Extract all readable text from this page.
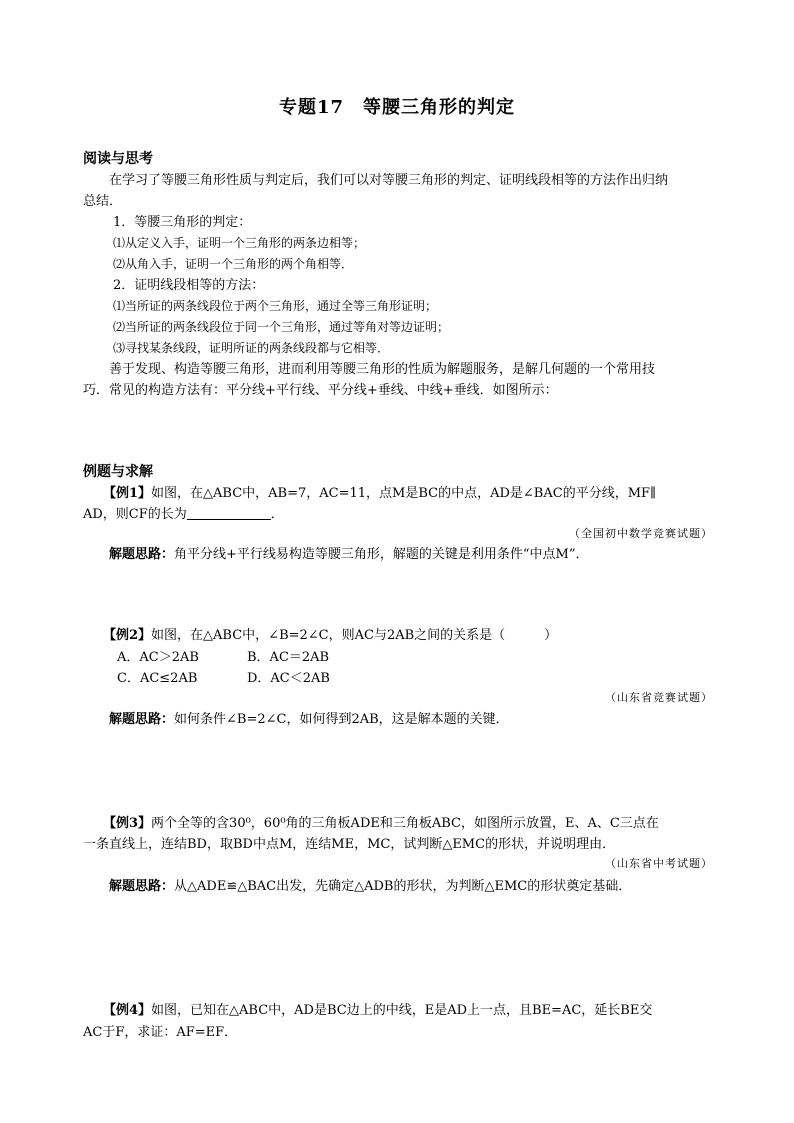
专题17　等腰三角形的判定
阅读与思考
在学习了等腰三角形性质与判定后，我们可以对等腰三角形的判定、证明线段相等的方法作出归纳
总结．
1．等腰三角形的判定：
⑴从定义入手，证明一个三角形的两条边相等；
⑵从角入手，证明一个三角形的两个角相等．
2．证明线段相等的方法：
⑴当所证的两条线段位于两个三角形，通过全等三角形证明；
⑵当所证的两条线段位于同一个三角形，通过等角对等边证明；
⑶寻找某条线段，证明所证的两条线段都与它相等．
善于发现、构造等腰三角形，进而利用等腰三角形的性质为解题服务，是解几何题的一个常用技
巧．常见的构造方法有：平分线+平行线、平分线+垂线、中线+垂线．如图所示：
例题与求解
【例1】如图，在△ABC中，AB=7，AC=11，点M是BC的中点，AD是∠BAC的平分线，MF∥
AD，则CF的长为	．
（全国初中数学竞赛试题）
解题思路：角平分线+平行线易构造等腰三角形，解题的关键是利用条件“中点M”．
【例2】如图，在△ABC中，∠B=2∠C，则AC与2AB之间的关系是（　　　）
A．AC＞2AB	B．AC＝2AB
C．AC≤2AB	D．AC＜2AB
（山东省竞赛试题）
解题思路：如何条件∠B=2∠C，如何得到2AB，这是解本题的关键．
【例3】两个全等的含30⁰，60⁰角的三角板ADE和三角板ABC，如图所示放置，E、A、C三点在
一条直线上，连结BD，取BD中点M，连结ME，MC，试判断△EMC的形状，并说明理由．
（山东省中考试题）
解题思路：从△ADE≌△BAC出发，先确定△ADB的形状，为判断△EMC的形状奠定基础．
【例4】如图，已知在△ABC中，AD是BC边上的中线，E是AD上一点，且BE=AC，延长BE交
AC于F，求证：AF=EF．
